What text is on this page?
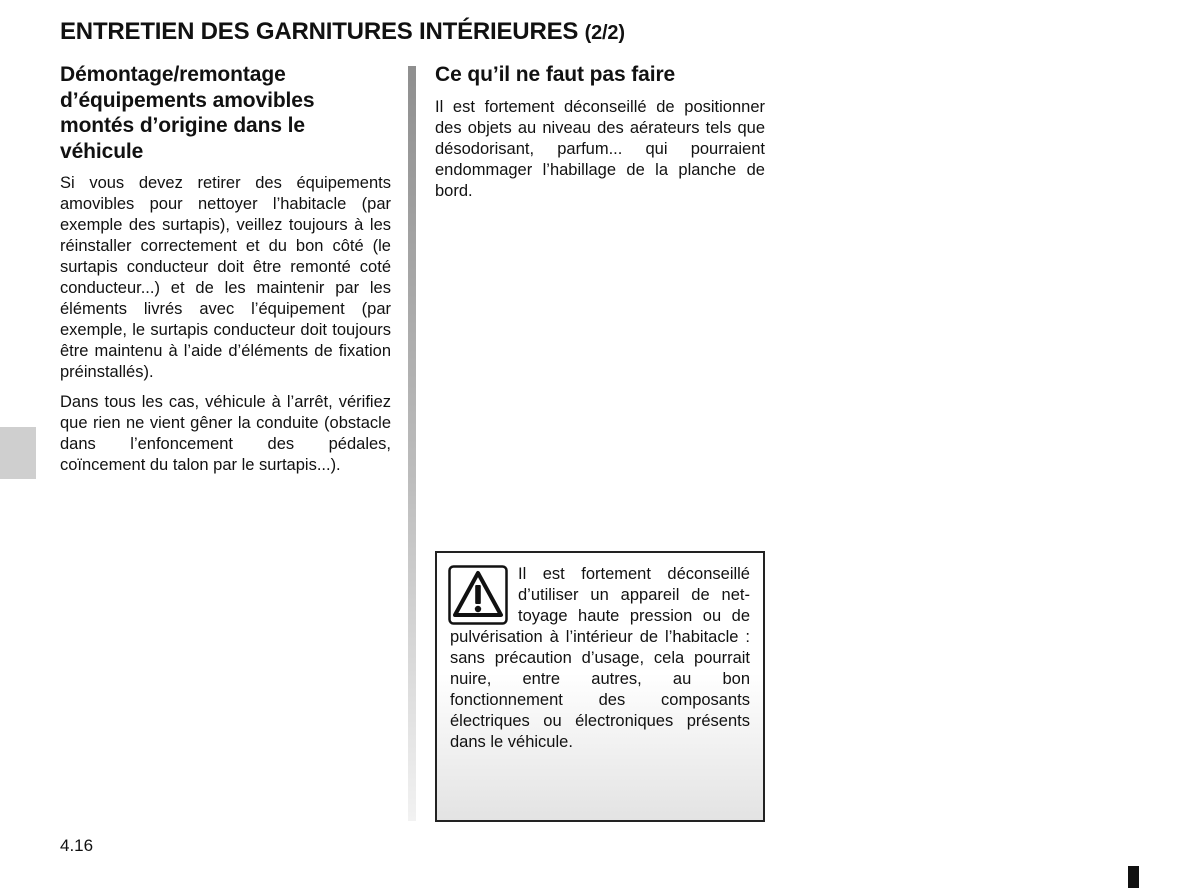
ENTRETIEN DES GARNITURES INTÉRIEURES (2/2)
Démontage/remontage d’équipements amovibles montés d’origine dans le véhicule

Si vous devez retirer des équipements amovibles pour nettoyer l’habitacle (par exemple des surtapis), veillez toujours à les réinstaller correctement et du bon côté (le surtapis conducteur doit être remonté coté conducteur...) et de les maintenir par les éléments livrés avec l’équipement (par exemple, le surtapis conducteur doit toujours être maintenu à l’aide d’éléments de fixation préinstallés).

Dans tous les cas, véhicule à l’arrêt, vérifiez que rien ne vient gêner la conduite (obstacle dans l’enfoncement des pédales, coïncement du talon par le surtapis...).

Ce qu’il ne faut pas faire

Il est fortement déconseillé de positionner des objets au niveau des aérateurs tels que désodorisant, parfum... qui pourraient endommager l’habillage de la planche de bord.

Il est fortement déconseillé d’utiliser un appareil de nettoyage haute pression ou de pulvérisation à l’intérieur de l’habitacle : sans précaution d’usage, cela pourrait nuire, entre autres, au bon fonctionnement des composants électriques ou électroniques présents dans le véhicule.

4.16
